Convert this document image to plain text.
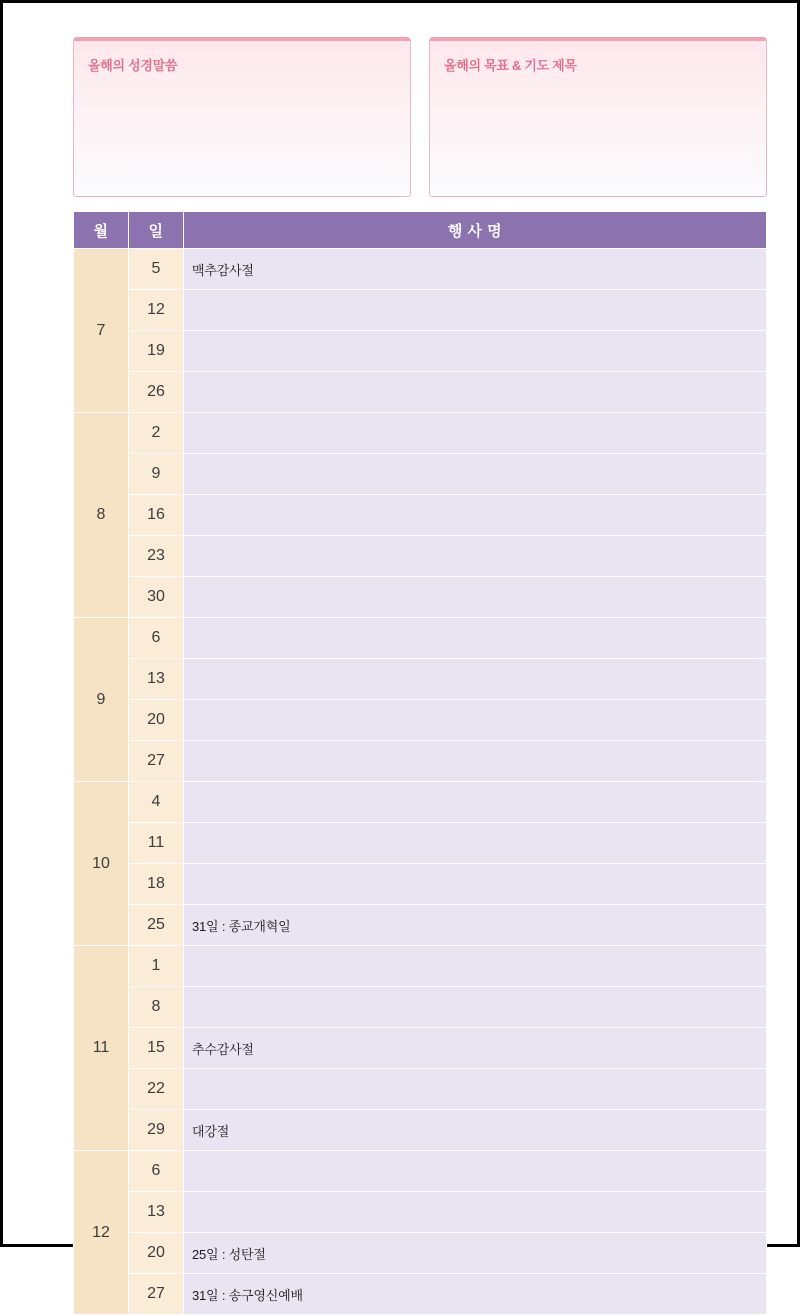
올해의 성경말씀	올해의 목표 & 기도 제목
월	일	행 사 명
7	5	맥추감사절
	12	
	19	
	26	
8	2	
	9	
	16	
	23	
	30	
9	6	
	13	
	20	
	27	
10	4	
	11	
	18	
	25	31일 : 종교개혁일
11	1	
	8	
	15	추수감사절
	22	
	29	대강절
12	6	
	13	
	20	25일 : 성탄절
	27	31일 : 송구영신예배
